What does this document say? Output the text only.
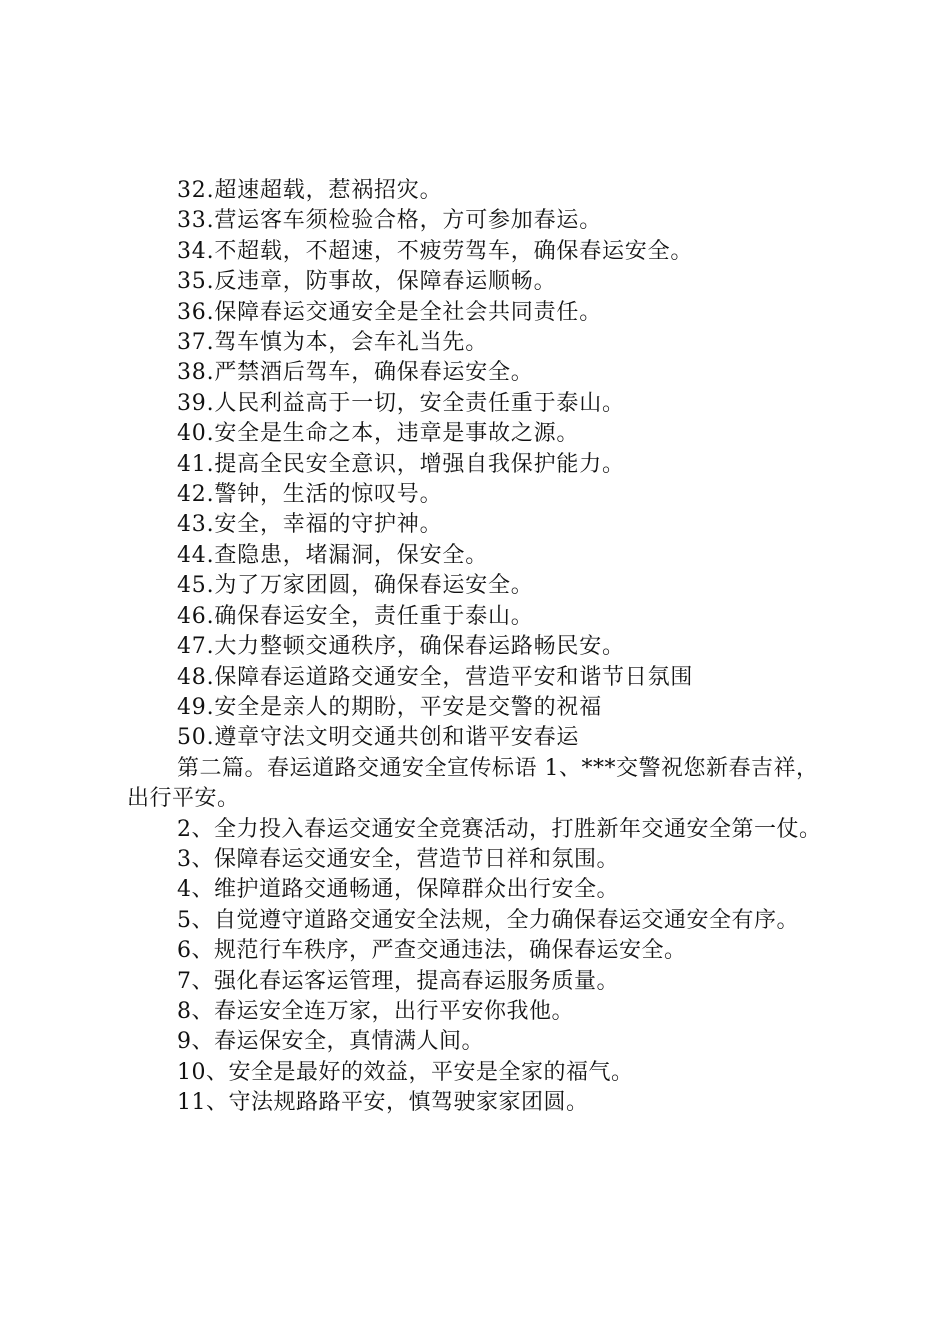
32.超速超载，惹祸招灾。
33.营运客车须检验合格，方可参加春运。
34.不超载，不超速，不疲劳驾车，确保春运安全。
35.反违章，防事故，保障春运顺畅。
36.保障春运交通安全是全社会共同责任。
37.驾车慎为本，会车礼当先。
38.严禁酒后驾车，确保春运安全。
39.人民利益高于一切，安全责任重于泰山。
40.安全是生命之本，违章是事故之源。
41.提高全民安全意识，增强自我保护能力。
42.警钟，生活的惊叹号。
43.安全，幸福的守护神。
44.查隐患，堵漏洞，保安全。
45.为了万家团圆，确保春运安全。
46.确保春运安全，责任重于泰山。
47.大力整顿交通秩序，确保春运路畅民安。
48.保障春运道路交通安全，营造平安和谐节日氛围
49.安全是亲人的期盼，平安是交警的祝福
50.遵章守法文明交通共创和谐平安春运
第二篇。春运道路交通安全宣传标语 1、***交警祝您新春吉祥，出行平安。
2、全力投入春运交通安全竞赛活动，打胜新年交通安全第一仗。
3、保障春运交通安全，营造节日祥和氛围。
4、维护道路交通畅通，保障群众出行安全。
5、自觉遵守道路交通安全法规，全力确保春运交通安全有序。
6、规范行车秩序，严查交通违法，确保春运安全。
7、强化春运客运管理，提高春运服务质量。
8、春运安全连万家，出行平安你我他。
9、春运保安全，真情满人间。
10、安全是最好的效益，平安是全家的福气。
11、守法规路路平安，慎驾驶家家团圆。
